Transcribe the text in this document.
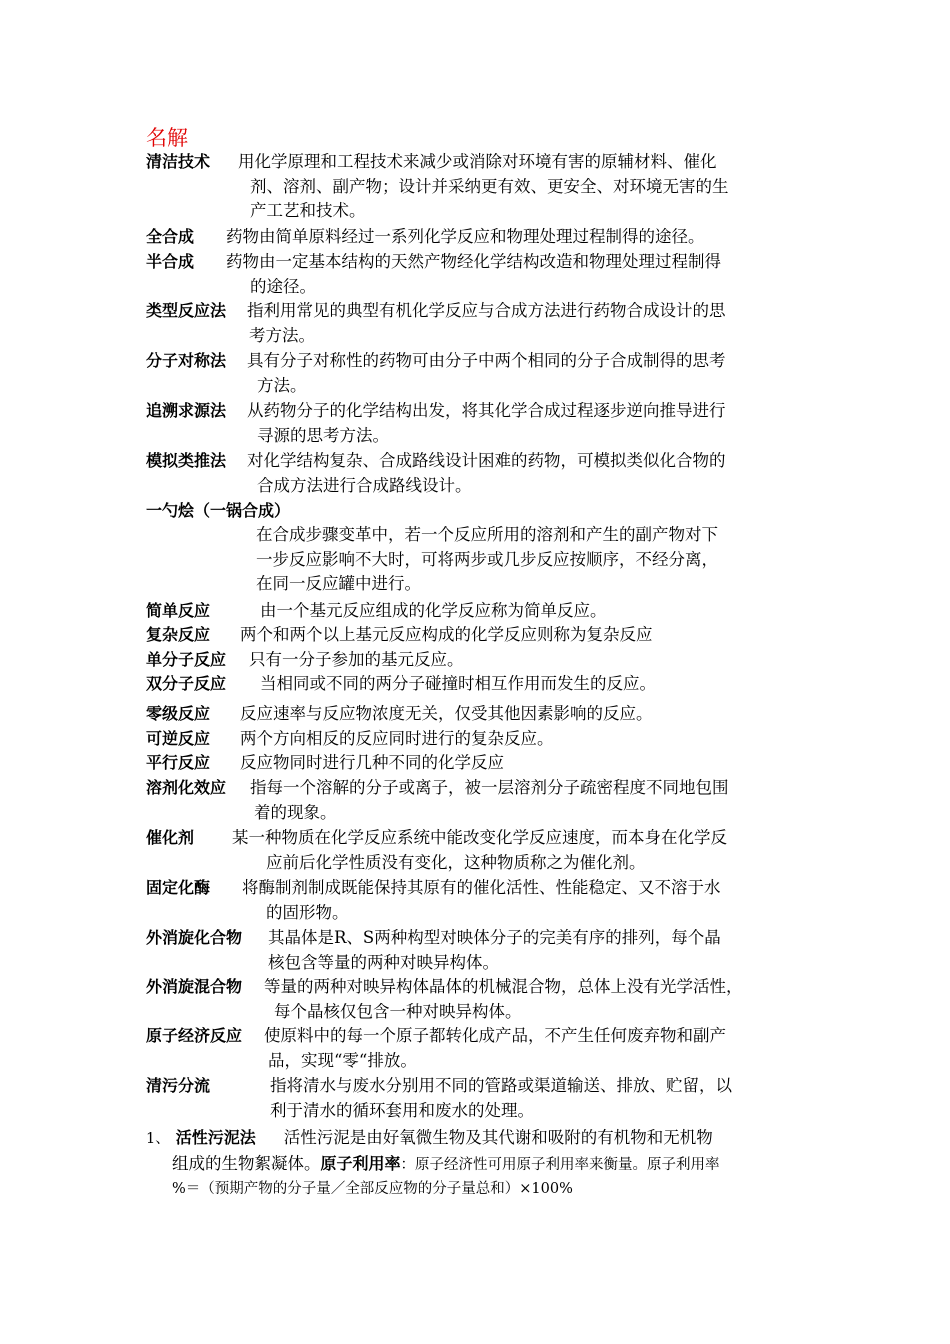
名解
清洁技术 用化学原理和工程技术来减少或消除对环境有害的原辅材料、催化
剂、溶剂、副产物；设计并采纳更有效、更安全、对环境无害的生
产工艺和技术。
全合成 药物由简单原料经过一系列化学反应和物理处理过程制得的途径。
半合成 药物由一定基本结构的天然产物经化学结构改造和物理处理过程制得
的途径。
类型反应法 指利用常见的典型有机化学反应与合成方法进行药物合成设计的思
考方法。
分子对称法 具有分子对称性的药物可由分子中两个相同的分子合成制得的思考
方法。
追溯求源法 从药物分子的化学结构出发，将其化学合成过程逐步逆向推导进行
寻源的思考方法。
模拟类推法 对化学结构复杂、合成路线设计困难的药物，可模拟类似化合物的
合成方法进行合成路线设计。
一勺烩（一锅合成）
在合成步骤变革中，若一个反应所用的溶剂和产生的副产物对下
一步反应影响不大时，可将两步或几步反应按顺序，不经分离，
在同一反应罐中进行。
简单反应	由一个基元反应组成的化学反应称为简单反应。
复杂反应 两个和两个以上基元反应构成的化学反应则称为复杂反应
单分子反应 只有一分子参加的基元反应。
双分子反应 当相同或不同的两分子碰撞时相互作用而发生的反应。
零级反应 反应速率与反应物浓度无关，仅受其他因素影响的反应。
可逆反应 两个方向相反的反应同时进行的复杂反应。
平行反应 反应物同时进行几种不同的化学反应
溶剂化效应 指每一个溶解的分子或离子，被一层溶剂分子疏密程度不同地包围
着的现象。
催化剂 某一种物质在化学反应系统中能改变化学反应速度，而本身在化学反
应前后化学性质没有变化，这种物质称之为催化剂。
固定化酶 将酶制剂制成既能保持其原有的催化活性、性能稳定、又不溶于水
的固形物。
外消旋化合物 其晶体是R、S两种构型对映体分子的完美有序的排列，每个晶
核包含等量的两种对映异构体。
外消旋混合物 等量的两种对映异构体晶体的机械混合物，总体上没有光学活性，
每个晶核仅包含一种对映异构体。
原子经济反应 使原料中的每一个原子都转化成产品，不产生任何废弃物和副产
品，实现“零“排放。
清污分流	指将清水与废水分别用不同的管路或渠道输送、排放、贮留，以
利于清水的循环套用和废水的处理。
1、 活性污泥法 活性污泥是由好氧微生物及其代谢和吸附的有机物和无机物
组成的生物絮凝体。原子利用率：原子经济性可用原子利用率来衡量。原子利用率
%＝（预期产物的分子量／全部反应物的分子量总和）×100%
